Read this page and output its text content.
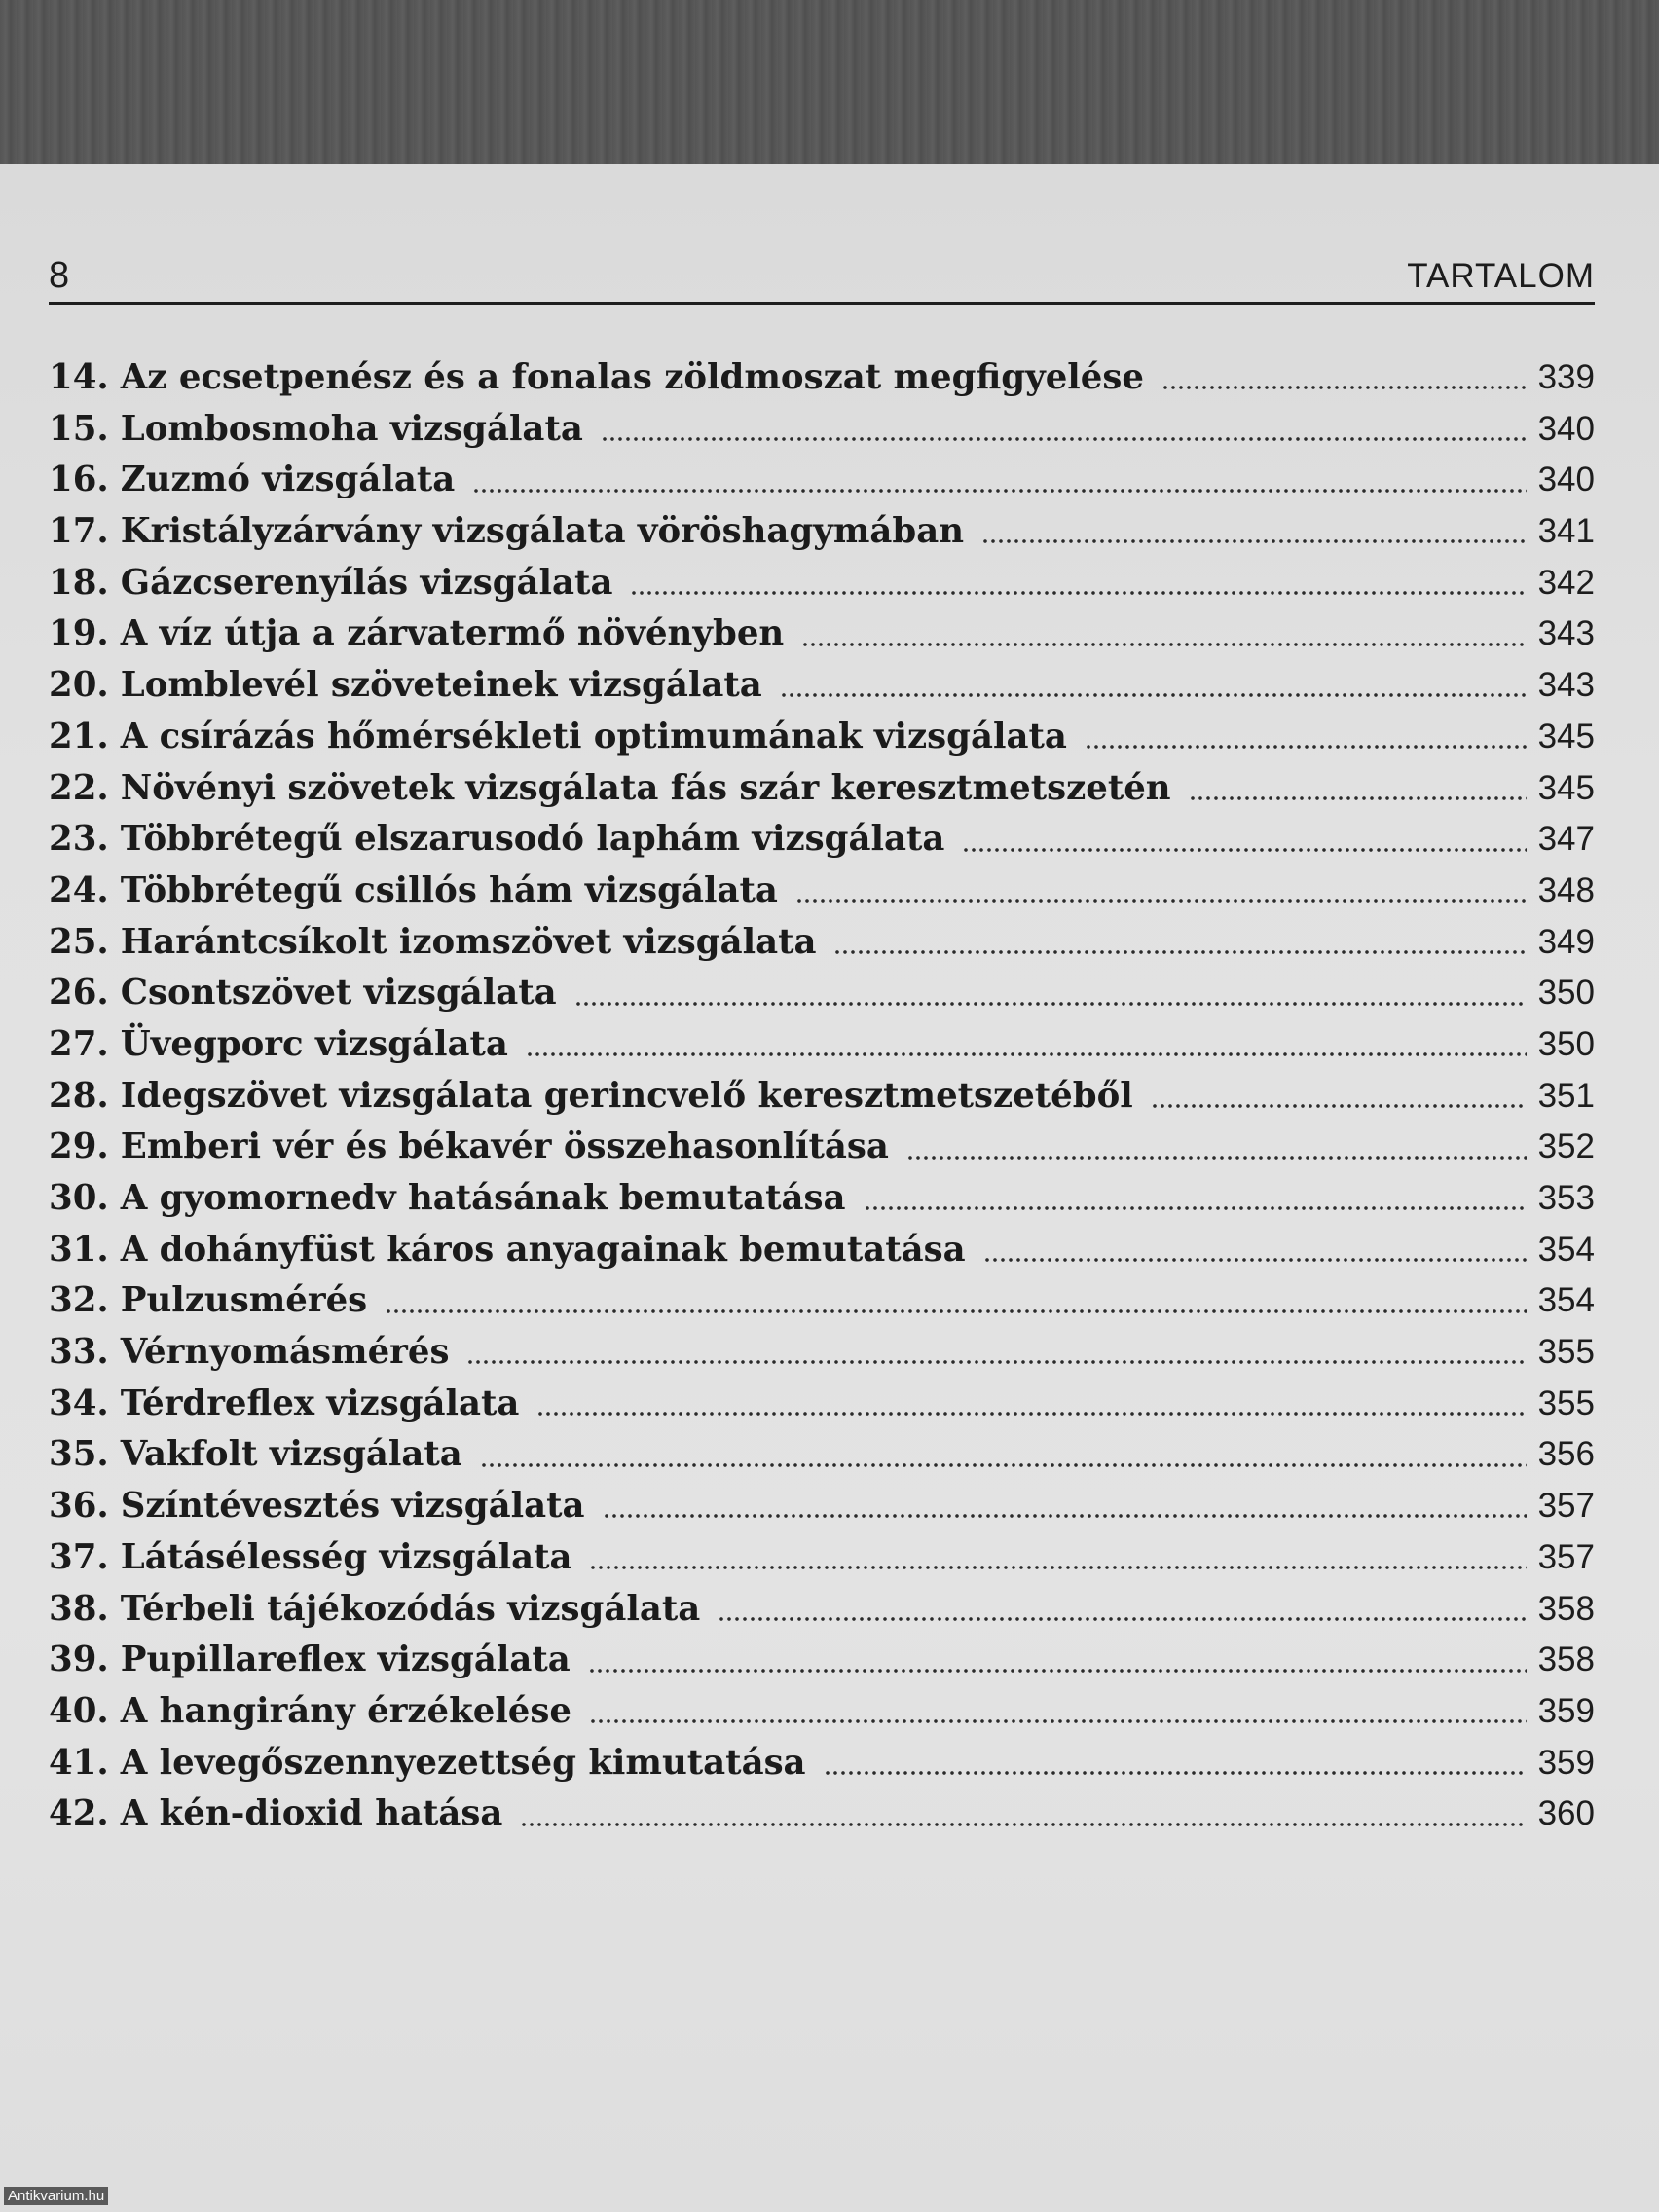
8	TARTALOM
14. Az ecsetpenész és a fonalas zöldmoszat megfigyelése	339
15. Lombosmoha vizsgálata	340
16. Zuzmó vizsgálata	340
17. Kristályzárvány vizsgálata vöröshagymában	341
18. Gázcserenyílás vizsgálata	342
19. A víz útja a zárvatermő növényben	343
20. Lomblevél szöveteinek vizsgálata	343
21. A csírázás hőmérsékleti optimumának vizsgálata	345
22. Növényi szövetek vizsgálata fás szár keresztmetszetén	345
23. Többrétegű elszarusodó laphám vizsgálata	347
24. Többrétegű csillós hám vizsgálata	348
25. Harántcsíkolt izomszövet vizsgálata	349
26. Csontszövet vizsgálata	350
27. Üvegporc vizsgálata	350
28. Idegszövet vizsgálata gerincvelő keresztmetszetéből	351
29. Emberi vér és békavér összehasonlítása	352
30. A gyomornedv hatásának bemutatása	353
31. A dohányfüst káros anyagainak bemutatása	354
32. Pulzusmérés	354
33. Vérnyomásmérés	355
34. Térdreflex vizsgálata	355
35. Vakfolt vizsgálata	356
36. Színtévesztés vizsgálata	357
37. Látásélesség vizsgálata	357
38. Térbeli tájékozódás vizsgálata	358
39. Pupillareflex vizsgálata	358
40. A hangirány érzékelése	359
41. A levegőszennyezettség kimutatása	359
42. A kén-dioxid hatása	360
Antikvarium.hu
